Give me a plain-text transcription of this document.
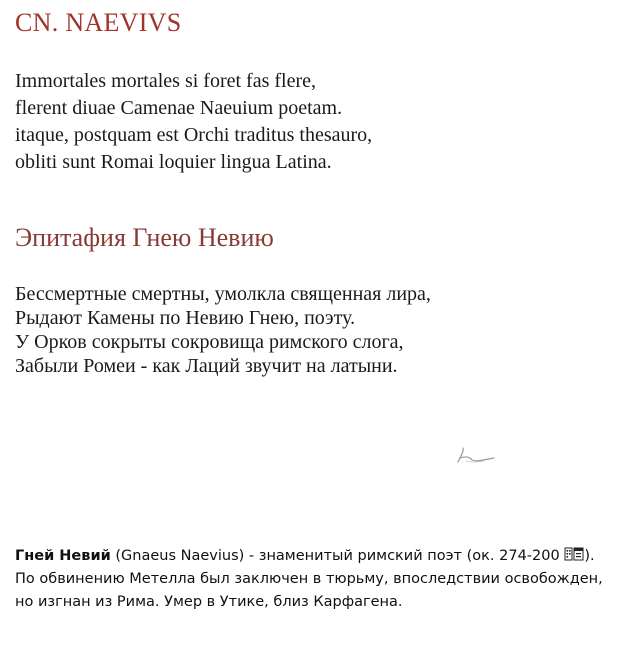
CN. NAEVIVS
Immortales mortales si foret fas flere,
flerent diuae Camenae Naeuium poetam.
itaque, postquam est Orchi traditus thesauro,
obliti sunt Romai loquier lingua Latina.
Эпитафия Гнею Невию
Бессмертные смертны, умолкла священная лира,
Рыдают Камены по Невию Гнею, поэту.
У Орков сокрыты сокровища римского слога,
Забыли Ромеи - как Лаций звучит на латыни.
Гней Невий (Gnaeus Naevius) - знаменитый римский поэт (ок. 274-200 ).
По обвинению Метелла был заключен в тюрьму, впоследствии освобожден,
но изгнан из Рима. Умер в Утике, близ Карфагена.
